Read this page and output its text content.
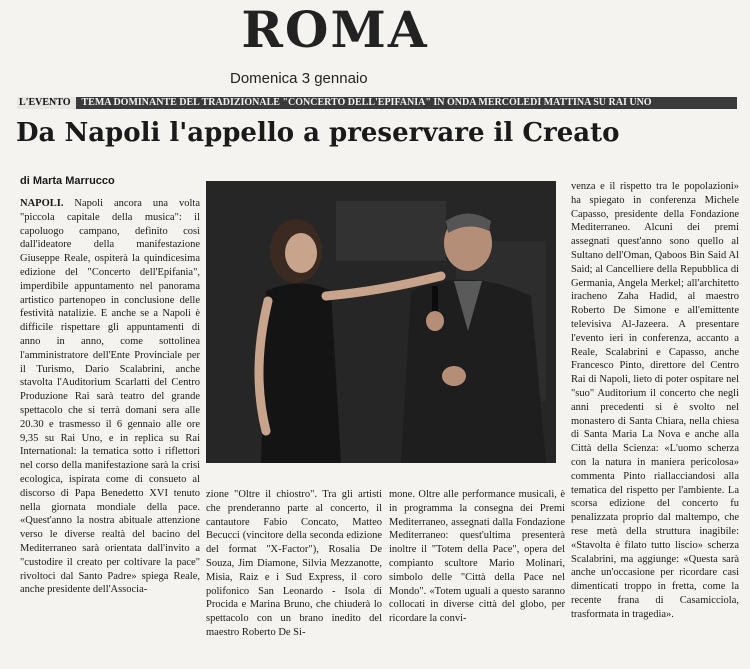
ROMA
Domenica 3 gennaio
L'EVENTO TEMA DOMINANTE DEL TRADIZIONALE "CONCERTO DELL'EPIFANIA" IN ONDA MERCOLEDÌ MATTINA SU RAI UNO
Da Napoli l'appello a preservare il Creato
di Marta Marrucco

NAPOLI. Napoli ancora una volta "piccola capitale della musica": il capoluogo campano, definito così dall'ideatore della manifestazione Giuseppe Reale, ospiterà la quindicesima edizione del "Concerto dell'Epifania", imperdibile appuntamento nel panorama artistico partenopeo in conclusione delle festività natalizie. E anche se a Napoli è difficile rispettare gli appuntamenti di anno in anno, come sottolinea l'amministratore dell'Ente Provinciale per il Turismo, Dario Scalabrini, anche stavolta l'Auditorium Scarlatti del Centro Produzione Rai sarà teatro del grande spettacolo che si terrà domani sera alle 20.30 e trasmesso il 6 gennaio alle ore 9,35 su Rai Uno, e in replica su Rai International: la tematica sotto i riflettori nel corso della manifestazione sarà la crisi ecologica, ispirata come di consueto al discorso di Papa Benedetto XVI tenuto nella giornata mondiale della pace. «Quest'anno la nostra abituale attenzione verso le diverse realtà del bacino del Mediterraneo sarà orientata dall'invito a "custodire il creato per coltivare la pace" rivoltoci dal Santo Padre» spiega Reale, anche presidente dell'Associa-

zione "Oltre il chiostro". Tra gli artisti che prenderanno parte al concerto, il cantautore Fabio Concato, Matteo Becucci (vincitore della seconda edizione del format "X-Factor"), Rosalia De Souza, Jim Diamone, Silvia Mezzanotte, Misia, Raiz e i Sud Express, il coro polifonico San Leonardo - Isola di Procida e Marina Bruno, che chiuderà lo spettacolo con un brano inedito del maestro Roberto De Si-

mone. Oltre alle performance musicali, è in programma la consegna dei Premi Mediterraneo, assegnati dalla Fondazione Mediterraneo: quest'ultima presenterà inoltre il "Totem della Pace", opera del compianto scultore Mario Molinari, simbolo delle "Città della Pace nel Mondo". «Totem uguali a questo saranno collocati in diverse città del globo, per ricordare la convi-

venza e il rispetto tra le popolazioni» ha spiegato in conferenza Michele Capasso, presidente della Fondazione Mediterraneo. Alcuni dei premi assegnati quest'anno sono quello al Sultano dell'Oman, Qaboos Bin Said Al Said; al Cancelliere della Repubblica di Germania, Angela Merkel; all'architetto iracheno Zaha Hadid, al maestro Roberto De Simone e all'emittente televisiva Al-Jazeera. A presentare l'evento ieri in conferenza, accanto a Reale, Scalabrini e Capasso, anche Francesco Pinto, direttore del Centro Rai di Napoli, lieto di poter ospitare nel "suo" Auditorium il concerto che negli anni precedenti si è svolto nel monastero di Santa Chiara, nella chiesa di Santa Maria La Nova e anche alla Città della Scienza: «L'uomo scherza con la natura in maniera pericolosa» commenta Pinto riallacciandosi alla tematica del rispetto per l'ambiente. La scorsa edizione del concerto fu penalizzata proprio dal maltempo, che rese metà della struttura inagibile: «Stavolta è filato tutto liscio» scherza Scalabrini, ma aggiunge: «Questa sarà anche un'occasione per ricordare casi dimenticati troppo in fretta, come la recente frana di Casamicciola, trasformata in tragedia».
